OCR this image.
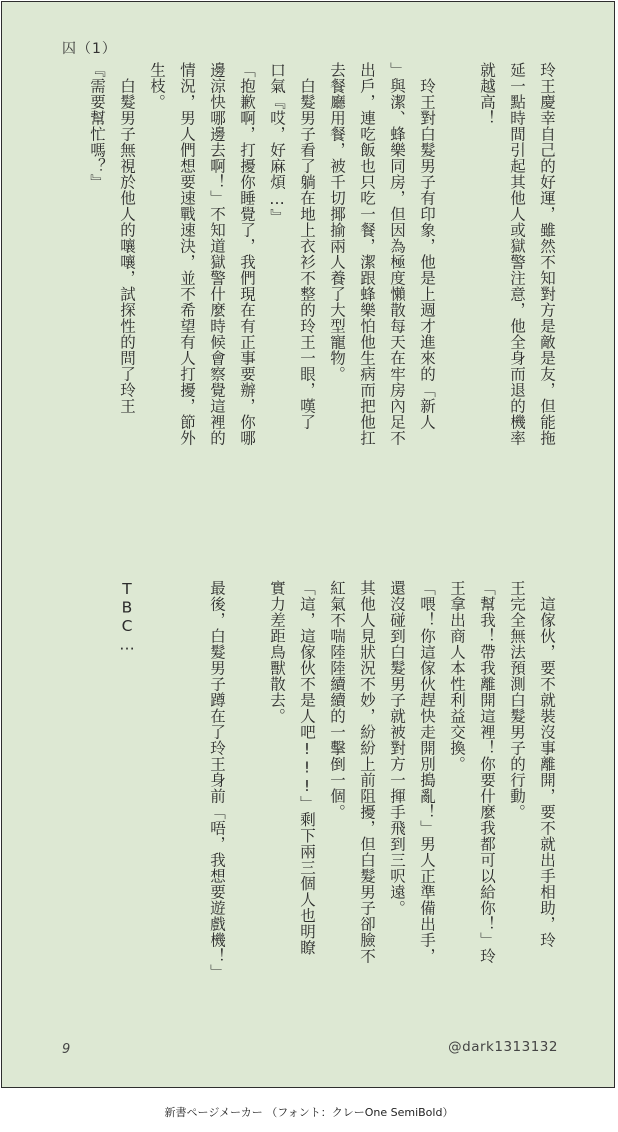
囚（1）
玲王慶幸自己的好運，雖然不知對方是敵是友，但能拖
延一點時間引起其他人或獄警注意，他全身而退的機率
就越高！
　玲王對白髮男子有印象，他是上週才進來的「新人
」與潔、蜂樂同房，但因為極度懶散每天在牢房內足不
出戶，連吃飯也只吃一餐，潔跟蜂樂怕他生病而把他扛
去餐廳用餐，被千切揶揄兩人養了大型寵物。
　白髮男子看了躺在地上衣衫不整的玲王一眼，嘆了
口氣『哎，好麻煩…』
「抱歉啊，打擾你睡覺了，我們現在有正事要辦，你哪
邊涼快哪邊去啊！」不知道獄警什麼時候會察覺這裡的
情況，男人們想要速戰速決，並不希望有人打擾，節外
生枝。
　白髮男子無視於他人的嚷嚷，試探性的問了玲王
『需要幫忙嗎？』
　這傢伙，要不就裝沒事離開，要不就出手相助，玲
王完全無法預測白髮男子的行動。
「幫我！帶我離開這裡！你要什麼我都可以給你！」玲
王拿出商人本性利益交換。
「喂！你這傢伙趕快走開別搗亂！」男人正準備出手，
還沒碰到白髮男子就被對方一揮手飛到三呎遠。
其他人見狀況不妙，紛紛上前阻擾，但白髮男子卻臉不
紅氣不喘陸陸續續的一擊倒一個。
「這，這傢伙不是人吧!!!」剩下兩三個人也明瞭
實力差距鳥獸散去。
最後，白髮男子蹲在了玲王身前「唔，我想要遊戲機！」
TBC…
9	@dark1313132
新書ページメーカー （フォント：クレーOne SemiBold）
